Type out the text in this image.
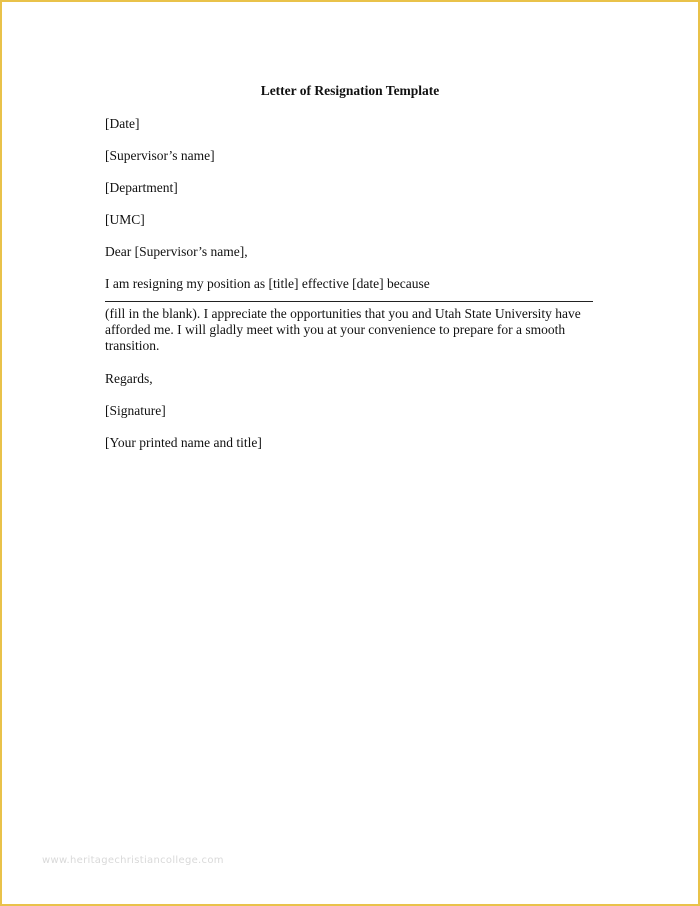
Letter of Resignation Template
[Date]
[Supervisor’s name]
[Department]
[UMC]
Dear [Supervisor’s name],
I am resigning my position as [title] effective [date] because
(fill in the blank). I appreciate the opportunities that you and Utah State University have
afforded me. I will gladly meet with you at your convenience to prepare for a smooth
transition.
Regards,
[Signature]
[Your printed name and title]
www.heritagechristiancollege.com
